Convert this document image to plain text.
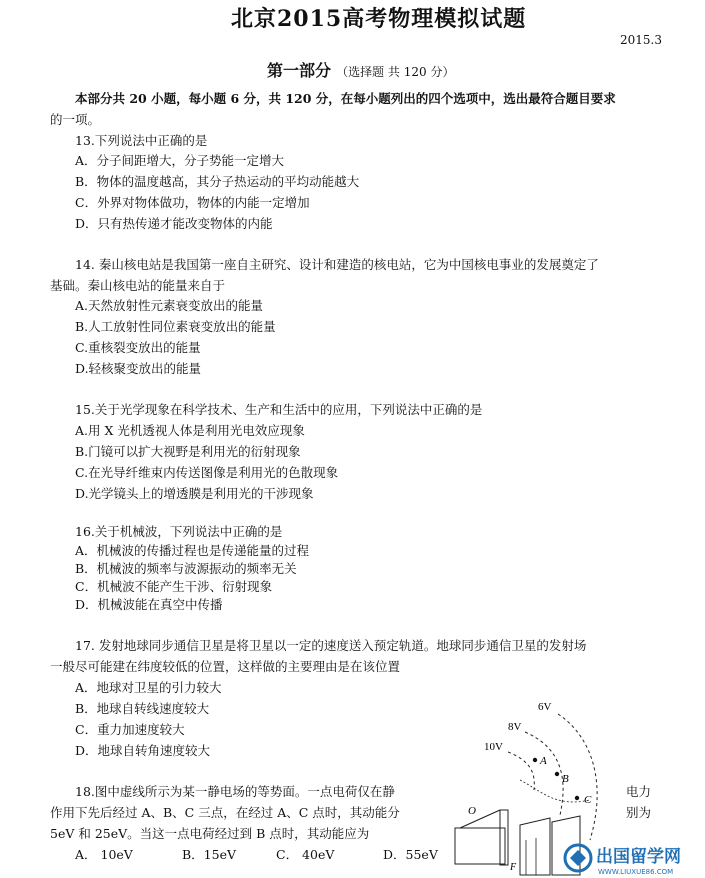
北京2015高考物理模拟试题
2015.3
第一部分 （选择题 共 120 分）
本部分共 20 小题，每小题 6 分，共 120 分，在每小题列出的四个选项中，选出最符合题目要求
的一项。
13.下列说法中正确的是
A．分子间距增大，分子势能一定增大
B．物体的温度越高，其分子热运动的平均动能越大
C．外界对物体做功，物体的内能一定增加
D．只有热传递才能改变物体的内能
14. 秦山核电站是我国第一座自主研究、设计和建造的核电站，它为中国核电事业的发展奠定了
基础。秦山核电站的能量来自于
A.天然放射性元素衰变放出的能量
B.人工放射性同位素衰变放出的能量
C.重核裂变放出的能量
D.轻核聚变放出的能量
15.关于光学现象在科学技术、生产和生活中的应用，下列说法中正确的是
A.用 X 光机透视人体是利用光电效应现象
B.门镜可以扩大视野是利用光的衍射现象
C.在光导纤维束内传送图像是利用光的色散现象
D.光学镜头上的增透膜是利用光的干涉现象
16.关于机械波，下列说法中正确的是
A．机械波的传播过程也是传递能量的过程
B．机械波的频率与波源振动的频率无关
C．机械波不能产生干涉、衍射现象
D．机械波能在真空中传播
17. 发射地球同步通信卫星是将卫星以一定的速度送入预定轨道。地球同步通信卫星的发射场
一般尽可能建在纬度较低的位置，这样做的主要理由是在该位置
A．地球对卫星的引力较大
B．地球自转线速度较大
C．重力加速度较大
D．地球自转角速度较大
18.图中虚线所示为某一静电场的等势面。一点电荷仅在静
作用下先后经过 A、B、C 三点，在经过 A、C 点时，其动能分
5eV 和 25eV。当这一点电荷经过到 B 点时，其动能应为
电力
别为
A． 10eV	B．15eV	C． 40eV	D．55eV
6V
8V
10V
A
B
C
O
F
出国留学网
WWW.LIUXUE86.COM
